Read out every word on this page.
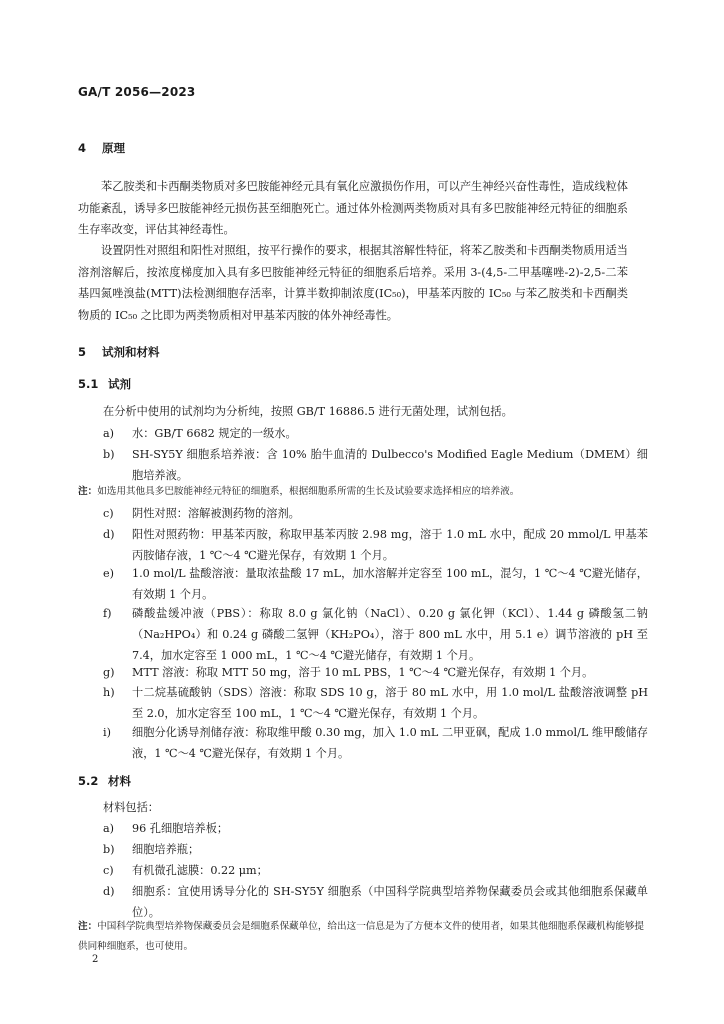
GA/T 2056—2023
4 原理
苯乙胺类和卡西酮类物质对多巴胺能神经元具有氧化应激损伤作用，可以产生神经兴奋性毒性，造成线粒体功能紊乱，诱导多巴胺能神经元损伤甚至细胞死亡。通过体外检测两类物质对具有多巴胺能神经元特征的细胞系生存率改变，评估其神经毒性。
设置阴性对照组和阳性对照组，按平行操作的要求，根据其溶解性特征，将苯乙胺类和卡西酮类物质用适当溶剂溶解后，按浓度梯度加入具有多巴胺能神经元特征的细胞系后培养。采用 3-(4,5-二甲基噻唑-2)-2,5-二苯基四氮唑溴盐(MTT)法检测细胞存活率，计算半数抑制浓度(IC₅₀)，甲基苯丙胺的 IC₅₀ 与苯乙胺类和卡西酮类物质的 IC₅₀ 之比即为两类物质相对甲基苯丙胺的体外神经毒性。
5 试剂和材料
5.1 试剂
在分析中使用的试剂均为分析纯，按照 GB/T 16886.5 进行无菌处理，试剂包括。
a) 水：GB/T 6682 规定的一级水。
b) SH-SY5Y 细胞系培养液：含 10% 胎牛血清的 Dulbecco's Modified Eagle Medium（DMEM）细胞培养液。
注：如选用其他具多巴胺能神经元特征的细胞系，根据细胞系所需的生长及试验要求选择相应的培养液。
c) 阴性对照：溶解被测药物的溶剂。
d) 阳性对照药物：甲基苯丙胺，称取甲基苯丙胺 2.98 mg，溶于 1.0 mL 水中，配成 20 mmol/L 甲基苯丙胺储存液，1 ℃～4 ℃避光保存，有效期 1 个月。
e) 1.0 mol/L 盐酸溶液：量取浓盐酸 17 mL，加水溶解并定容至 100 mL，混匀，1 ℃～4 ℃避光储存，有效期 1 个月。
f) 磷酸盐缓冲液（PBS）：称取 8.0 g 氯化钠（NaCl）、0.20 g 氯化钾（KCl）、1.44 g 磷酸氢二钠（Na₂HPO₄）和 0.24 g 磷酸二氢钾（KH₂PO₄），溶于 800 mL 水中，用 5.1 e）调节溶液的 pH 至 7.4，加水定容至 1 000 mL，1 ℃～4 ℃避光储存，有效期 1 个月。
g) MTT 溶液：称取 MTT 50 mg，溶于 10 mL PBS，1 ℃～4 ℃避光保存，有效期 1 个月。
h) 十二烷基硫酸钠（SDS）溶液：称取 SDS 10 g，溶于 80 mL 水中，用 1.0 mol/L 盐酸溶液调整 pH 至 2.0，加水定容至 100 mL，1 ℃～4 ℃避光保存，有效期 1 个月。
i) 细胞分化诱导剂储存液：称取维甲酸 0.30 mg，加入 1.0 mL 二甲亚砜，配成 1.0 mmol/L 维甲酸储存液，1 ℃～4 ℃避光保存，有效期 1 个月。
5.2 材料
材料包括：
a) 96 孔细胞培养板；
b) 细胞培养瓶；
c) 有机微孔滤膜：0.22 μm；
d) 细胞系：宜使用诱导分化的 SH-SY5Y 细胞系（中国科学院典型培养物保藏委员会或其他细胞系保藏单位）。
注：中国科学院典型培养物保藏委员会是细胞系保藏单位，给出这一信息是为了方便本文件的使用者，如果其他细胞系保藏机构能够提供同种细胞系，也可使用。
2
